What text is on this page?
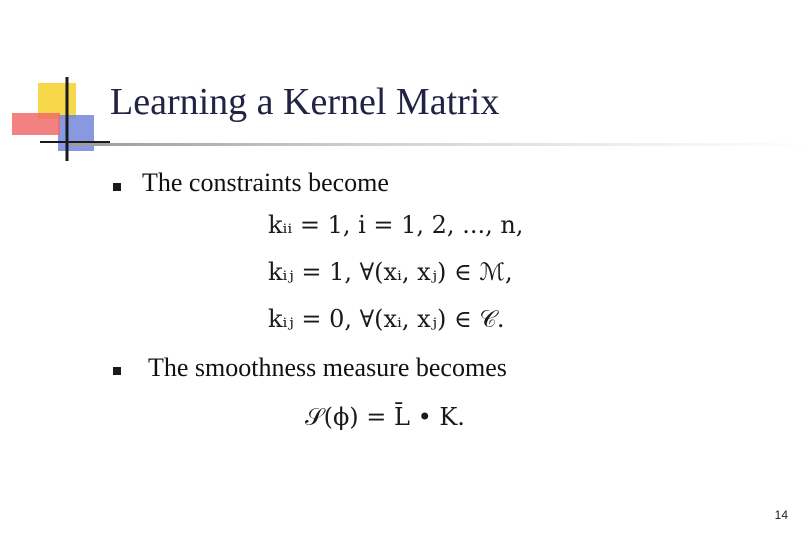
Learning a Kernel Matrix
The constraints become
kᵢᵢ = 1, i = 1, 2, ..., n,
kᵢⱼ = 1, ∀(xᵢ, xⱼ) ∈ ℳ,
kᵢⱼ = 0, ∀(xᵢ, xⱼ) ∈ 𝒞.
The smoothness measure becomes
𝒮(ϕ) = L̄ • K.
14
